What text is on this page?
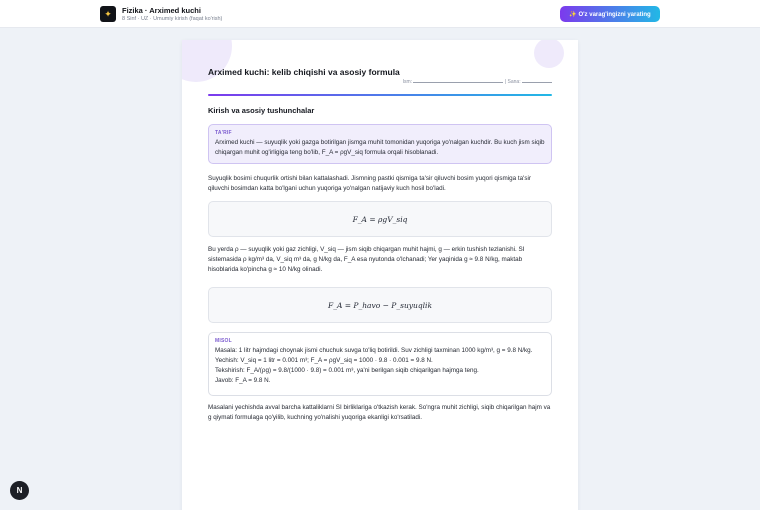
✦	Fizika · Arximed kuchi
8 Sinf · UZ · Umumiy kirish (faqat ko'rish)
✨ O'z varag'ingizni yarating
Arximed kuchi: kelib chiqishi va asosiy formula
Ism:	| Sana:
Kirish va asosiy tushunchalar
TA'RIF
Arximed kuchi — suyuqlik yoki gazga botirilgan jismga muhit tomonidan yuqoriga yo'nalgan kuchdir. Bu kuch jism siqib chiqargan muhit og'irligiga teng bo'lib, F_A = ρgV_siq formula orqali hisoblanadi.
Suyuqlik bosimi chuqurlik ortishi bilan kattalashadi. Jismning pastki qismiga ta'sir qiluvchi bosim yuqori qismiga ta'sir qiluvchi bosimdan katta bo'lgani uchun yuqoriga yo'nalgan natijaviy kuch hosil bo'ladi.
F_A = ρgV_siq
Bu yerda ρ — suyuqlik yoki gaz zichligi, V_siq — jism siqib chiqargan muhit hajmi, g — erkin tushish tezlanishi. SI sistemasida ρ kg/m³ da, V_siq m³ da, g N/kg da, F_A esa nyutonda o'lchanadi; Yer yaqinida g ≈ 9.8 N/kg, maktab hisoblarida ko'pincha g ≈ 10 N/kg olinadi.
F_A = P_havo − P_suyuqlik
MISOL
Masala: 1 litr hajmdagi choynak jismi chuchuk suvga to'liq botirildi. Suv zichligi taxminan 1000 kg/m³, g = 9.8 N/kg. Yechish: V_siq = 1 litr = 0.001 m³; F_A = ρgV_siq = 1000 · 9.8 · 0.001 = 9.8 N.
Tekshirish: F_A/(ρg) = 9.8/(1000 · 9.8) = 0.001 m³, ya'ni berilgan siqib chiqarilgan hajmga teng.
Javob: F_A = 9.8 N.
Masalani yechishda avval barcha kattaliklarni SI birliklariga o'tkazish kerak. So'ngra muhit zichligi, siqib chiqarilgan hajm va g qiymati formulaga qo'yilib, kuchning yo'nalishi yuqoriga ekanligi ko'rsatiladi.
N
